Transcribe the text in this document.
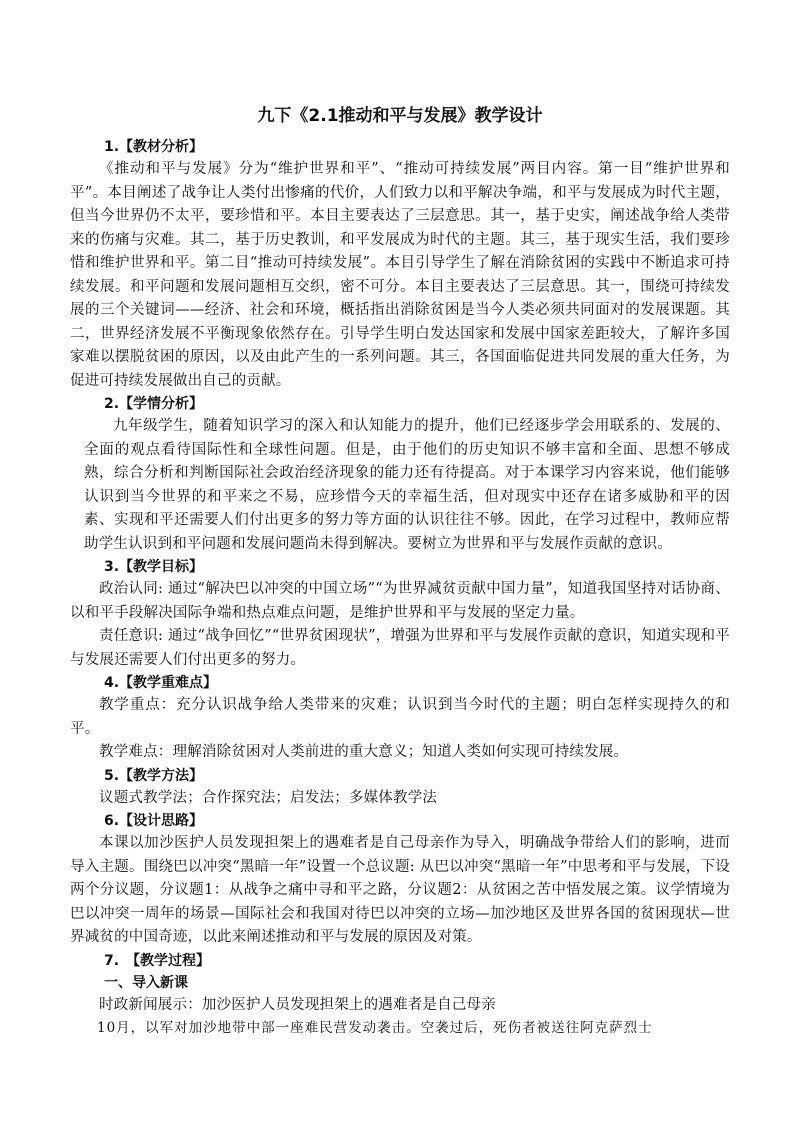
九下《2.1推动和平与发展》教学设计
1.【教材分析】

《推动和平与发展》分为“维护世界和平”、“推动可持续发展”两目内容。第一目“维护世界和平”。本目阐述了战争让人类付出惨痛的代价，人们致力以和平解决争端，和平与发展成为时代主题，但当今世界仍不太平，要珍惜和平。本目主要表达了三层意思。其一，基于史实，阐述战争给人类带来的伤痛与灾难。其二，基于历史教训，和平发展成为时代的主题。其三，基于现实生活，我们要珍惜和维护世界和平。第二目“推动可持续发展”。本目引导学生了解在消除贫困的实践中不断追求可持续发展。和平问题和发展问题相互交织，密不可分。本目主要表达了三层意思。其一，围绕可持续发展的三个关键词——经济、社会和环境，概括指出消除贫困是当今人类必须共同面对的发展课题。其二，世界经济发展不平衡现象依然存在。引导学生明白发达国家和发展中国家差距较大，了解许多国家难以摆脱贫困的原因，以及由此产生的一系列问题。其三，各国面临促进共同发展的重大任务，为促进可持续发展做出自己的贡献。

2.【学情分析】

九年级学生，随着知识学习的深入和认知能力的提升，他们已经逐步学会用联系的、发展的、全面的观点看待国际性和全球性问题。但是，由于他们的历史知识不够丰富和全面、思想不够成熟，综合分析和判断国际社会政治经济现象的能力还有待提高。对于本课学习内容来说，他们能够认识到当今世界的和平来之不易，应珍惜今天的幸福生活，但对现实中还存在诸多威胁和平的因素、实现和平还需要人们付出更多的努力等方面的认识往往不够。因此，在学习过程中，教师应帮助学生认识到和平问题和发展问题尚未得到解决。要树立为世界和平与发展作贡献的意识。

3.【教学目标】

政治认同: 通过“解决巴以冲突的中国立场”“为世界减贫贡献中国力量”，知道我国坚持对话协商、以和平手段解决国际争端和热点难点问题，是维护世界和平与发展的坚定力量。

责任意识: 通过“战争回忆”“世界贫困现状”，增强为世界和平与发展作贡献的意识，知道实现和平与发展还需要人们付出更多的努力。

4.【教学重难点】

教学重点：充分认识战争给人类带来的灾难；认识到当今时代的主题；明白怎样实现持久的和平。

教学难点：理解消除贫困对人类前进的重大意义；知道人类如何实现可持续发展。

5.【教学方法】

议题式教学法；合作探究法；启发法；多媒体教学法

6.【设计思路】

本课以加沙医护人员发现担架上的遇难者是自己母亲作为导入，明确战争带给人们的影响，进而导入主题。围绕巴以冲突“黑暗一年”设置一个总议题: 从巴以冲突“黑暗一年”中思考和平与发展，下设两个分议题，分议题1：从战争之痛中寻和平之路，分议题2：从贫困之苦中悟发展之策。议学情境为巴以冲突一周年的场景—国际社会和我国对待巴以冲突的立场—加沙地区及世界各国的贫困现状—世界减贫的中国奇迹，以此来阐述推动和平与发展的原因及对策。

7.　【教学过程】
一、导入新课

时政新闻展示：加沙医护人员发现担架上的遇难者是自己母亲

10月，以军对加沙地带中部一座难民营发动袭击。空袭过后，死伤者被送往阿克萨烈士
